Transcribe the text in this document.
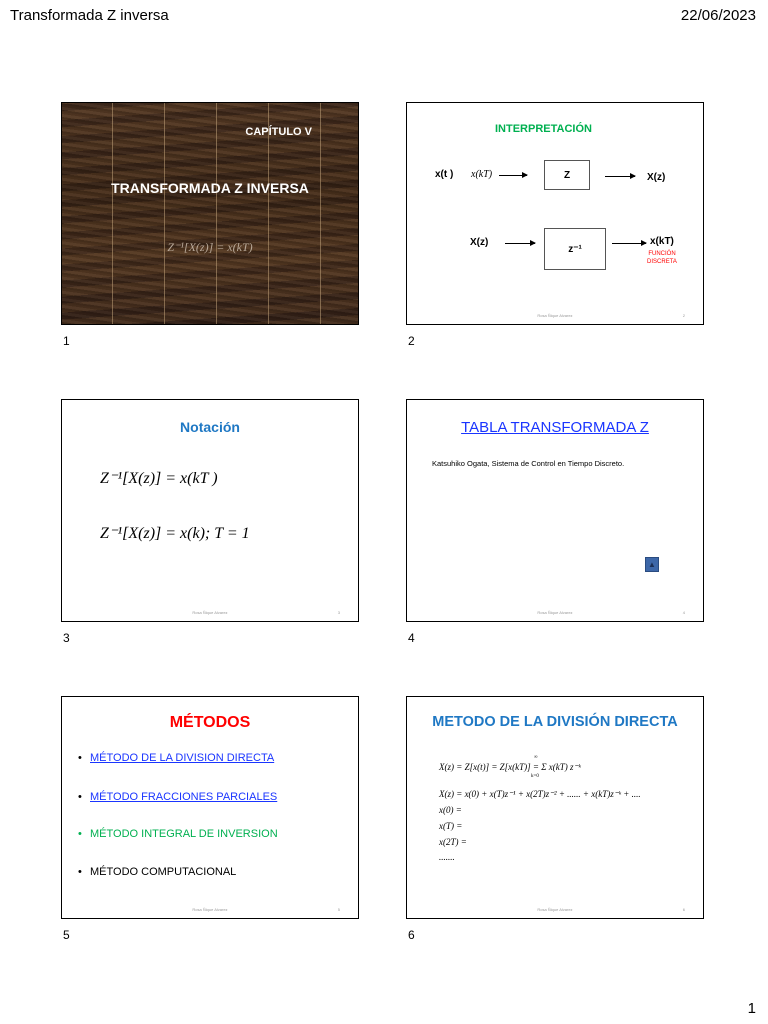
Transformada Z inversa	22/06/2023
CAPÍTULO V
TRANSFORMADA Z INVERSA
Z⁻¹[X(z)] = x(kT)
1
INTERPRETACIÓN
x(t ) x(kT)	Z	X(z)
X(z)
z⁻¹
x(kT)
FUNCIÓN
DISCRETA
Rosa Ñique Alvarez	2
2
Notación
Z⁻¹[X(z)] = x(kT )
Z⁻¹[X(z)] = x(k); T = 1
Rosa Ñique Alvarez	3
3
TABLA TRANSFORMADA Z
Katsuhiko Ogata, Sistema de Control en Tiempo Discreto.
▲
Rosa Ñique Alvarez	4
4
MÉTODOS
• MÉTODO DE LA DIVISION DIRECTA
• MÉTODO FRACCIONES PARCIALES
• MÉTODO INTEGRAL DE INVERSION
• MÉTODO COMPUTACIONAL
Rosa Ñique Alvarez	5
5
METODO DE LA DIVISIÓN DIRECTA
∞
X(z) = Z[x(t)] = Z[x(kT)] = Σ x(kT) z⁻ᵏ
k=0
X(z) = x(0) + x(T)z⁻¹ + x(2T)z⁻² + ...... + x(kT)z⁻ᵏ + ....
x(0) =
x(T) =
x(2T) =
.......
Rosa Ñique Alvarez	6
6
1
